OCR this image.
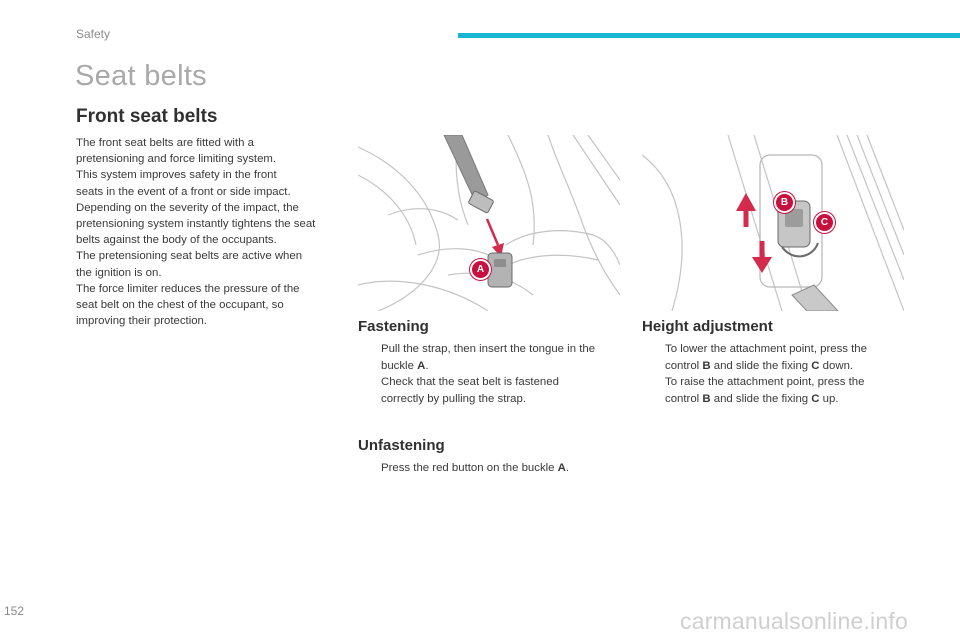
Safety
Seat belts
Front seat belts

The front seat belts are fitted with a

pretensioning and force limiting system.

This system improves safety in the front

seats in the event of a front or side impact.

Depending on the severity of the impact, the

pretensioning system instantly tightens the seat

belts against the body of the occupants.

The pretensioning seat belts are active when

the ignition is on.

The force limiter reduces the pressure of the

seat belt on the chest of the occupant, so

improving their protection.

A
B
C
Fastening
Pull the strap, then insert the tongue in the
buckle A.
Check that the seat belt is fastened
correctly by pulling the strap.
Unfastening
Press the red button on the buckle A.
Height adjustment
To lower the attachment point, press the
control B and slide the fixing C down.
To raise the attachment point, press the
control B and slide the fixing C up.
152	carmanualsonline.info
